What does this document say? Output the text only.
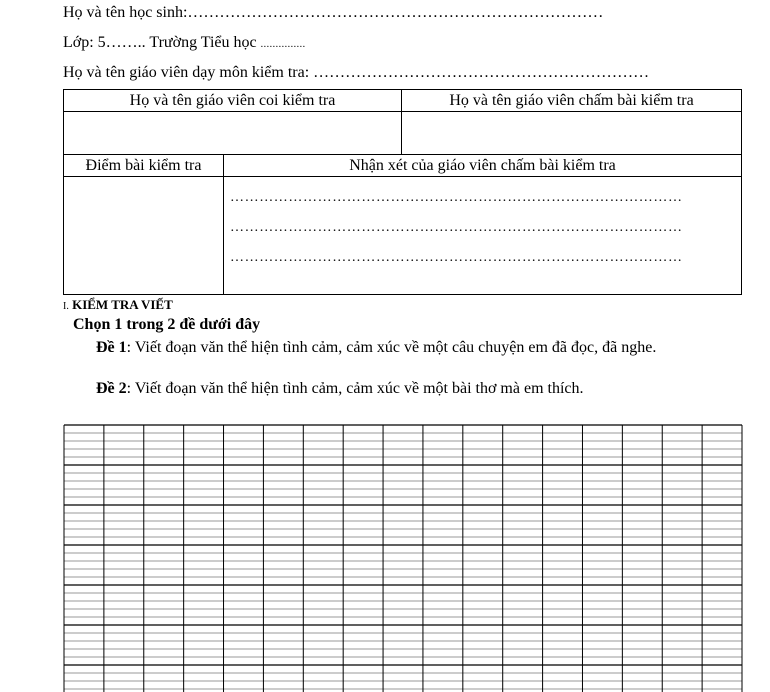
Họ và tên học sinh:……………………………………………………………………
Lớp: 5…….. Trường Tiểu học ...............
Họ và tên giáo viên dạy môn kiểm tra: ………………………………………………………
Họ và tên giáo viên coi kiểm tra		Họ và tên giáo viên chấm bài kiểm tra

Điểm bài kiểm tra	Nhận xét của giáo viên chấm bài kiểm tra	

	…………………………………………………………………………………
…………………………………………………………………………………
…………………………………………………………………………………	
I. KIỂM TRA VIẾT
Chọn 1 trong 2 đề dưới đây
Đề 1: Viết đoạn văn thể hiện tình cảm, cảm xúc về một câu chuyện em đã đọc, đã nghe.
Đề 2: Viết đoạn văn thể hiện tình cảm, cảm xúc về một bài thơ mà em thích.
